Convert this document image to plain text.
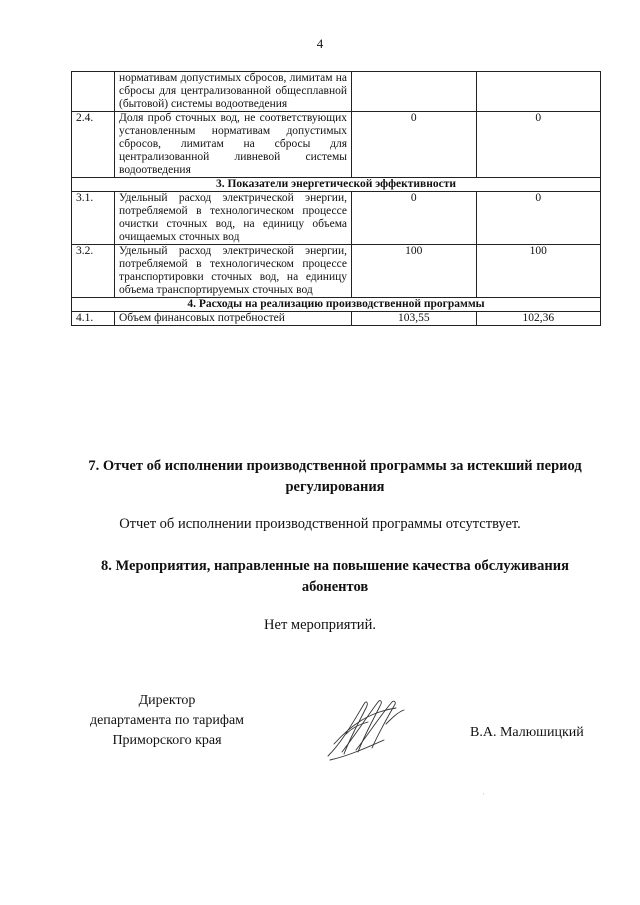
4
	нормативам допустимых сбросов, лимитам на сбросы для централизованной общесплавной (бытовой) системы водоотведения		
2.4.	Доля проб сточных вод, не соответствующих установленным нормативам допустимых сбросов, лимитам на сбросы для централизованной ливневой системы водоотведения	0	0
3. Показатели энергетической эффективности			
3.1.	Удельный расход электрической энергии, потребляемой в технологическом процессе очистки сточных вод, на единицу объема очищаемых сточных вод	0	0
3.2.	Удельный расход электрической энергии, потребляемой в технологическом процессе транспортировки сточных вод, на единицу объема транспортируемых сточных вод	100	100
4. Расходы на реализацию производственной программы			
4.1.	Объем финансовых потребностей	103,55	102,36
7. Отчет об исполнении производственной программы за истекший период регулирования
Отчет об исполнении производственной программы отсутствует.
8. Мероприятия, направленные на повышение качества обслуживания абонентов
Нет мероприятий.
Директор
департамента по тарифам
Приморского края
В.А. Малюшицкий
·
